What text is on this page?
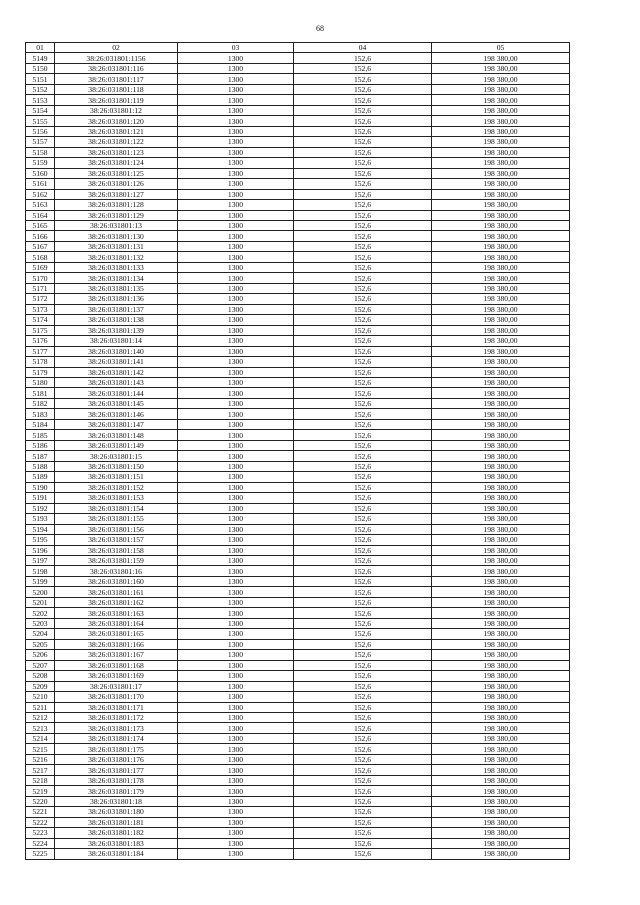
68
01	02	03	04	05
5149	38:26:031801:1156	1300	152,6	198 380,00
5150	38:26:031801:116	1300	152,6	198 380,00
5151	38:26:031801:117	1300	152,6	198 380,00
5152	38:26:031801:118	1300	152,6	198 380,00
5153	38:26:031801:119	1300	152,6	198 380,00
5154	38:26:031801:12	1300	152,6	198 380,00
5155	38:26:031801:120	1300	152,6	198 380,00
5156	38:26:031801:121	1300	152,6	198 380,00
5157	38:26:031801:122	1300	152,6	198 380,00
5158	38:26:031801:123	1300	152,6	198 380,00
5159	38:26:031801:124	1300	152,6	198 380,00
5160	38:26:031801:125	1300	152,6	198 380,00
5161	38:26:031801:126	1300	152,6	198 380,00
5162	38:26:031801:127	1300	152,6	198 380,00
5163	38:26:031801:128	1300	152,6	198 380,00
5164	38:26:031801:129	1300	152,6	198 380,00
5165	38:26:031801:13	1300	152,6	198 380,00
5166	38:26:031801:130	1300	152,6	198 380,00
5167	38:26:031801:131	1300	152,6	198 380,00
5168	38:26:031801:132	1300	152,6	198 380,00
5169	38:26:031801:133	1300	152,6	198 380,00
5170	38:26:031801:134	1300	152,6	198 380,00
5171	38:26:031801:135	1300	152,6	198 380,00
5172	38:26:031801:136	1300	152,6	198 380,00
5173	38:26:031801:137	1300	152,6	198 380,00
5174	38:26:031801:138	1300	152,6	198 380,00
5175	38:26:031801:139	1300	152,6	198 380,00
5176	38:26:031801:14	1300	152,6	198 380,00
5177	38:26:031801:140	1300	152,6	198 380,00
5178	38:26:031801:141	1300	152,6	198 380,00
5179	38:26:031801:142	1300	152,6	198 380,00
5180	38:26:031801:143	1300	152,6	198 380,00
5181	38:26:031801:144	1300	152,6	198 380,00
5182	38:26:031801:145	1300	152,6	198 380,00
5183	38:26:031801:146	1300	152,6	198 380,00
5184	38:26:031801:147	1300	152,6	198 380,00
5185	38:26:031801:148	1300	152,6	198 380,00
5186	38:26:031801:149	1300	152,6	198 380,00
5187	38:26:031801:15	1300	152,6	198 380,00
5188	38:26:031801:150	1300	152,6	198 380,00
5189	38:26:031801:151	1300	152,6	198 380,00
5190	38:26:031801:152	1300	152,6	198 380,00
5191	38:26:031801:153	1300	152,6	198 380,00
5192	38:26:031801:154	1300	152,6	198 380,00
5193	38:26:031801:155	1300	152,6	198 380,00
5194	38:26:031801:156	1300	152,6	198 380,00
5195	38:26:031801:157	1300	152,6	198 380,00
5196	38:26:031801:158	1300	152,6	198 380,00
5197	38:26:031801:159	1300	152,6	198 380,00
5198	38:26:031801:16	1300	152,6	198 380,00
5199	38:26:031801:160	1300	152,6	198 380,00
5200	38:26:031801:161	1300	152,6	198 380,00
5201	38:26:031801:162	1300	152,6	198 380,00
5202	38:26:031801:163	1300	152,6	198 380,00
5203	38:26:031801:164	1300	152,6	198 380,00
5204	38:26:031801:165	1300	152,6	198 380,00
5205	38:26:031801:166	1300	152,6	198 380,00
5206	38:26:031801:167	1300	152,6	198 380,00
5207	38:26:031801:168	1300	152,6	198 380,00
5208	38:26:031801:169	1300	152,6	198 380,00
5209	38:26:031801:17	1300	152,6	198 380,00
5210	38:26:031801:170	1300	152,6	198 380,00
5211	38:26:031801:171	1300	152,6	198 380,00
5212	38:26:031801:172	1300	152,6	198 380,00
5213	38:26:031801:173	1300	152,6	198 380,00
5214	38:26:031801:174	1300	152,6	198 380,00
5215	38:26:031801:175	1300	152,6	198 380,00
5216	38:26:031801:176	1300	152,6	198 380,00
5217	38:26:031801:177	1300	152,6	198 380,00
5218	38:26:031801:178	1300	152,6	198 380,00
5219	38:26:031801:179	1300	152,6	198 380,00
5220	38:26:031801:18	1300	152,6	198 380,00
5221	38:26:031801:180	1300	152,6	198 380,00
5222	38:26:031801:181	1300	152,6	198 380,00
5223	38:26:031801:182	1300	152,6	198 380,00
5224	38:26:031801:183	1300	152,6	198 380,00
5225	38:26:031801:184	1300	152,6	198 380,00
